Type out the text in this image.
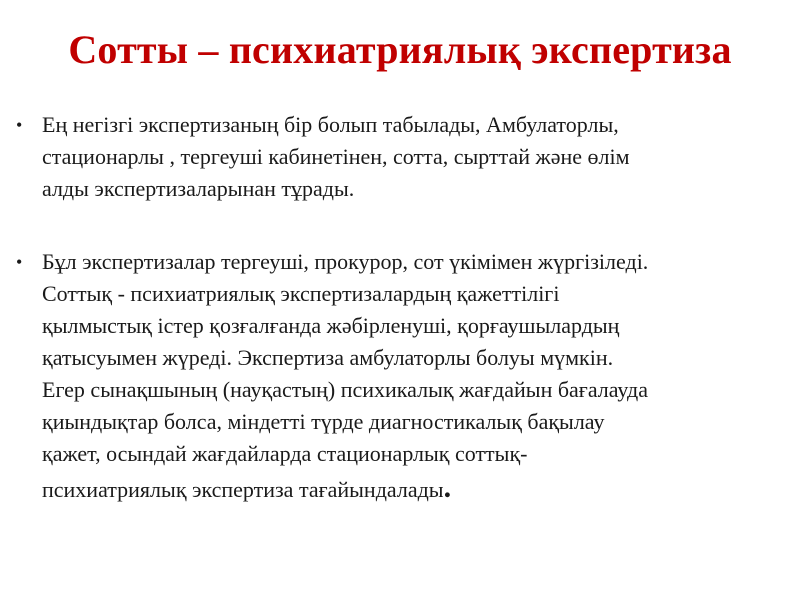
Сотты – психиатриялық экспертиза
• Ең негізгі экспертизаның бір болып табылады, Амбулаторлы,
стационарлы , тергеуші кабинетінен, сотта, сырттай және өлім
алды экспертизаларынан тұрады.
• Бұл экспертизалар тергеуші, прокурор, сот үкімімен жүргізіледі.
Соттық - психиатриялық экспертизалардың қажеттілігі
қылмыстық істер қозғалғанда жәбірленуші, қорғаушылардың
қатысуымен жүреді. Экспертиза амбулаторлы болуы мүмкін.
Егер сынақшының (науқастың) психикалық жағдайын бағалауда
қиындықтар болса, міндетті түрде диагностикалық бақылау
қажет, осындай жағдайларда стационарлық соттық-
психиатриялық экспертиза тағайындалады.
